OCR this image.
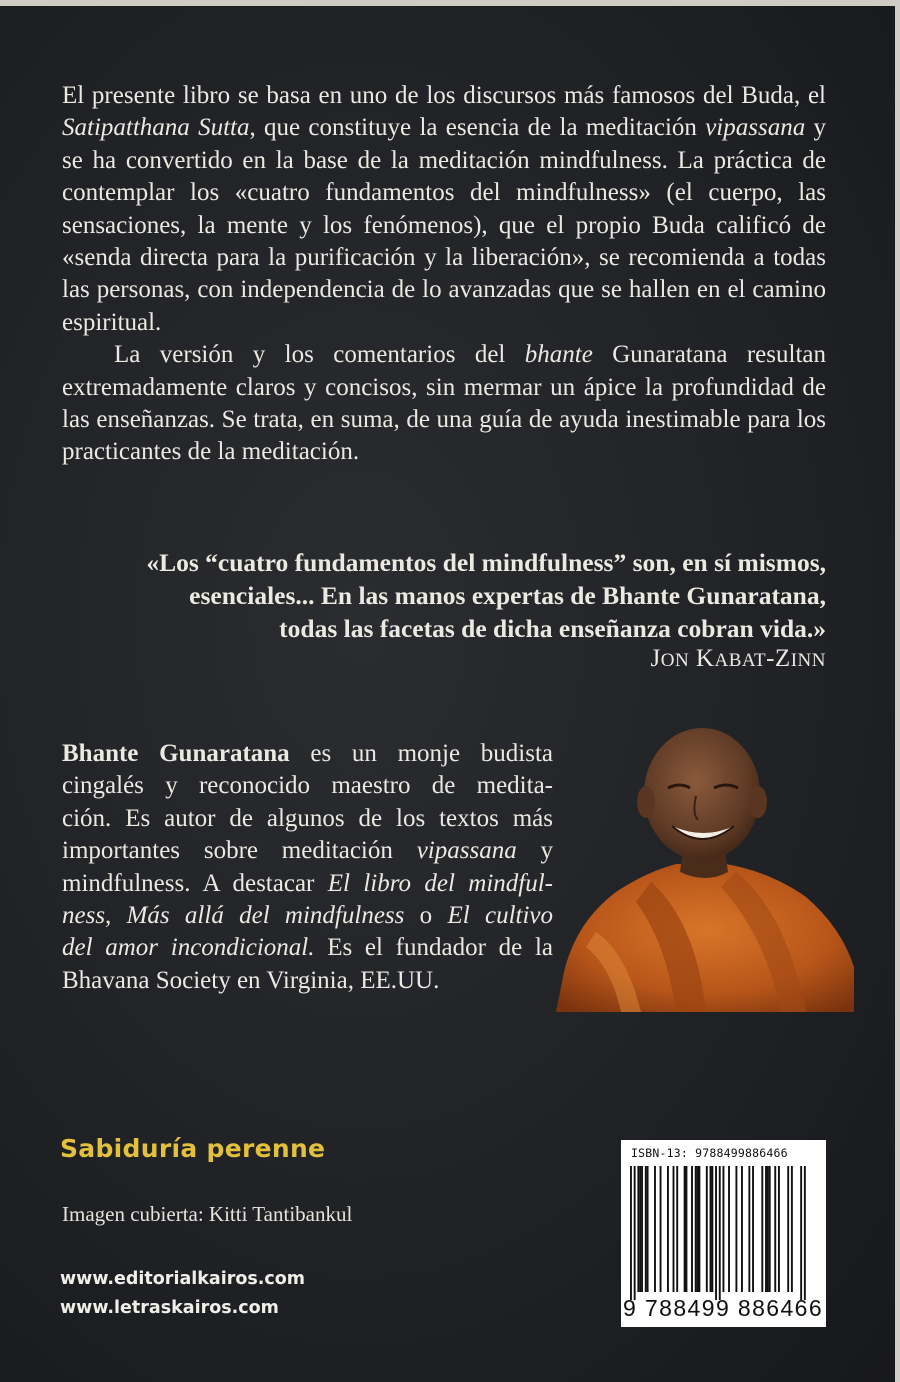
El presente libro se basa en uno de los discursos más famosos del Buda, el Satipatthana Sutta, que constituye la esencia de la meditación vipassana y se ha convertido en la base de la meditación mindfulness. La práctica de contemplar los «cuatro fundamentos del mindfulness» (el cuerpo, las sensaciones, la mente y los fenómenos), que el propio Buda calificó de «senda directa para la purificación y la liberación», se recomienda a todas las personas, con independencia de lo avanzadas que se hallen en el camino espiritual.

La versión y los comentarios del bhante Gunaratana resultan extremadamente claros y concisos, sin mermar un ápice la profundidad de las enseñanzas. Se trata, en suma, de una guía de ayuda inestimable para los practicantes de la meditación.

«Los “cuatro fundamentos del mindfulness” son, en sí mismos,
esenciales... En las manos expertas de Bhante Gunaratana,
todas las facetas de dicha enseñanza cobran vida.»
JON KABAT-ZINN
Bhante Gunaratana es un monje budista
cingalés y reconocido maestro de medita-
ción. Es autor de algunos de los textos más
importantes sobre meditación vipassana y
mindfulness. A destacar El libro del mindful-
ness, Más allá del mindfulness o El cultivo
del amor incondicional. Es el fundador de la
Bhavana Society en Virginia, EE.UU.
Sabiduría perenne
Imagen cubierta: Kitti Tantibankul
www.editorialkairos.com
www.letraskairos.com
ISBN-13: 9788499886466
9 788499 886466
